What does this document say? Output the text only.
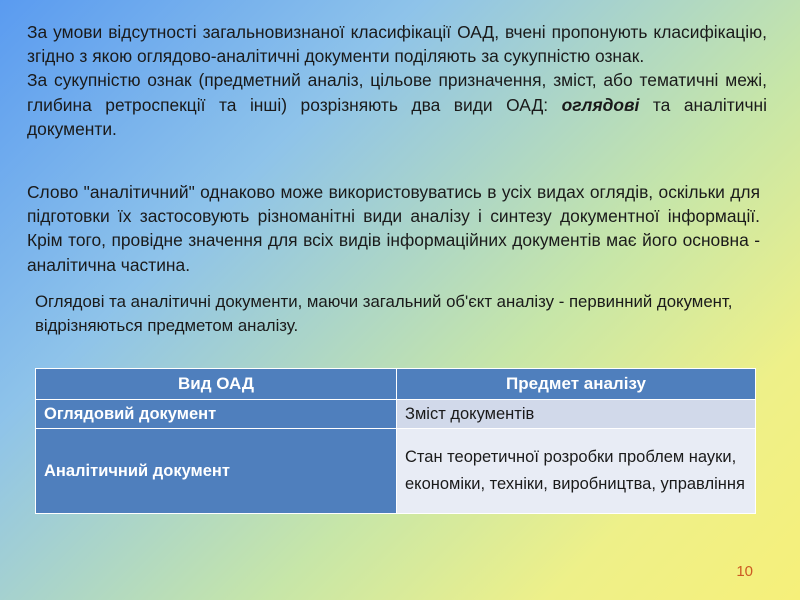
За умови відсутності загальновизнаної класифікації ОАД, вчені пропонують класифікацію, згідно з якою оглядово-аналітичні документи поділяють за сукупністю ознак.
За сукупністю ознак (предметний аналіз, цільове призначення, зміст, або тематичні межі, глибина ретроспекції та інші) розрізняють два види ОАД: оглядові та аналітичні документи.

Слово "аналітичний" однаково може використовуватись в усіх видах оглядів, оскільки для підготовки їх застосовують різноманітні види аналізу і синтезу документної інформації. Крім того, провідне значення для всіх видів інформаційних документів має його основна - аналітична частина.

Оглядові та аналітичні документи, маючи загальний об'єкт аналізу - первинний документ, відрізняються предметом аналізу.

Вид ОАД	Предмет аналізу
Оглядовий документ	Зміст документів
Аналітичний документ	Стан теоретичної розробки проблем науки, економіки, техніки, виробництва, управління
10
